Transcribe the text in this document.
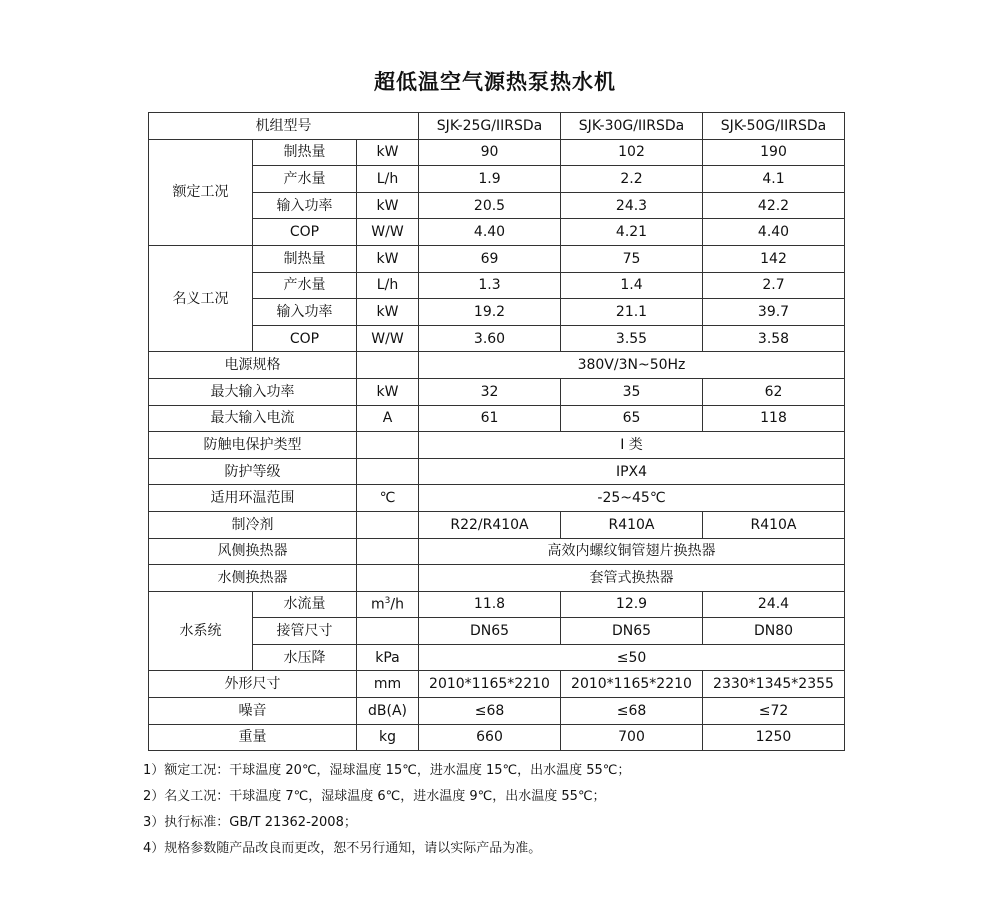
超低温空气源热泵热水机
机组型号			SJK-25G/IIRSDa	SJK-30G/IIRSDa	SJK-50G/IIRSDa
额定工况	制热量	kW	90	102	190
	产水量	L/h	1.9	2.2	4.1
	输入功率	kW	20.5	24.3	42.2
	COP	W/W	4.40	4.21	4.40
名义工况	制热量	kW	69	75	142
	产水量	L/h	1.3	1.4	2.7
	输入功率	kW	19.2	21.1	39.7
	COP	W/W	3.60	3.55	3.58
电源规格			380V/3N~50Hz		
最大输入功率		kW	32	35	62
最大输入电流		A	61	65	118
防触电保护类型			I 类		
防护等级			IPX4		
适用环温范围		℃	-25~45℃		
制冷剂			R22/R410A	R410A	R410A
风侧换热器			高效内螺纹铜管翅片换热器		
水侧换热器			套管式换热器		
水系统	水流量	$m^3/h$	11.8	12.9	24.4
	接管尺寸		DN65	DN65	DN80
	水压降	kPa	≤50		
外形尺寸		mm	2010*1165*2210	2010*1165*2210	2330*1345*2355
噪音		dB(A)	≤68	≤68	≤72
重量		kg	660	700	1250
1）额定工况：干球温度 20℃，湿球温度 15℃，进水温度 15℃，出水温度 55℃；
2）名义工况：干球温度 7℃，湿球温度 6℃，进水温度 9℃，出水温度 55℃；
3）执行标准：GB/T 21362-2008；
4）规格参数随产品改良而更改，恕不另行通知，请以实际产品为准。
